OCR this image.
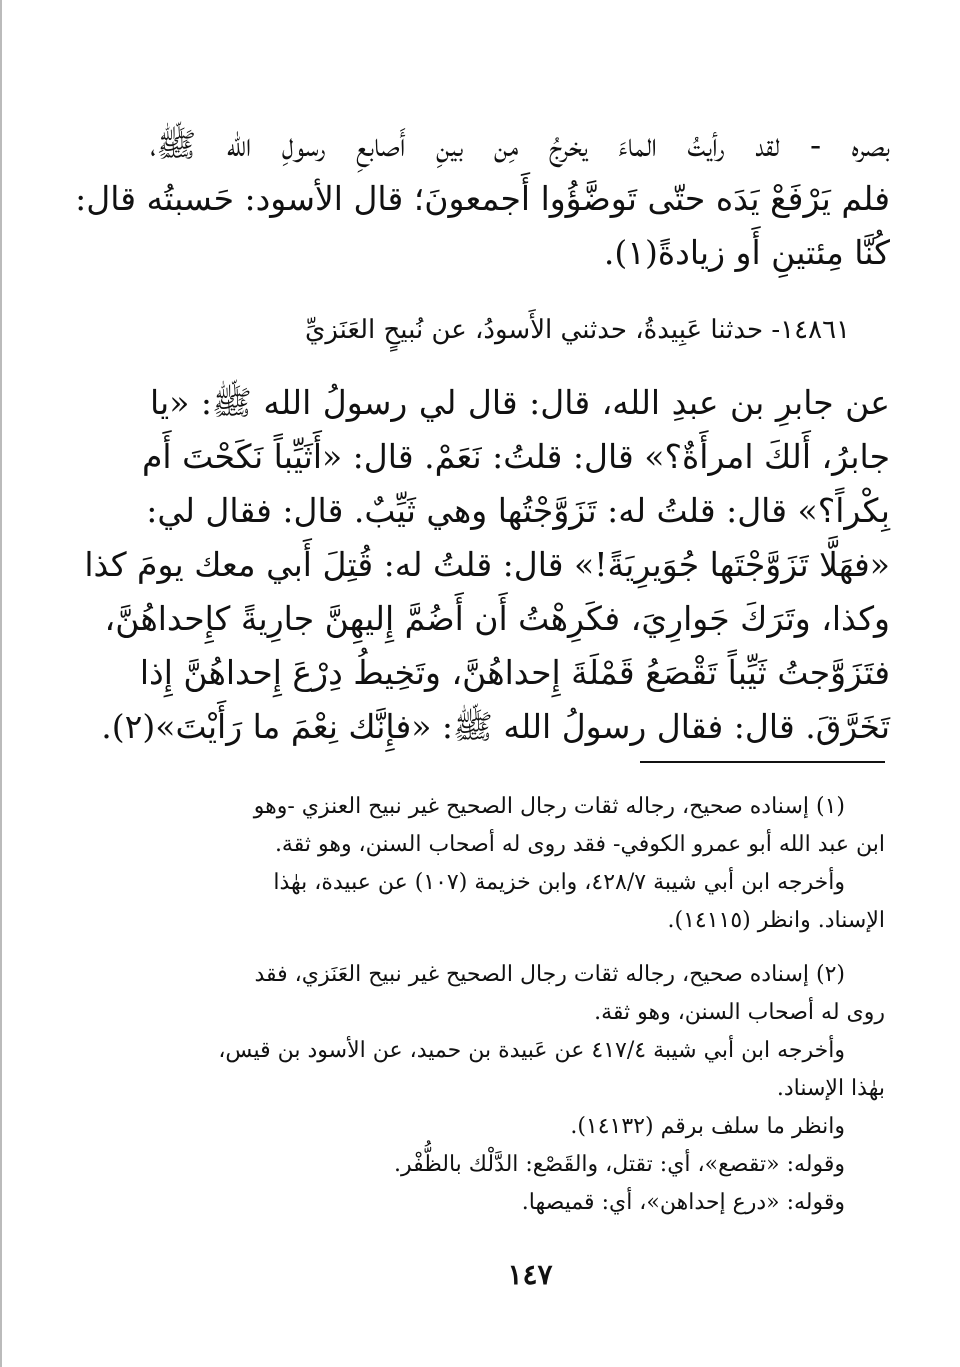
بصره - لقد رأيتُ الماءَ يخرجُ مِن بينِ أَصابعِ رسولِ الله ﷺ،
فلم يَرْفَعْ يَدَه حتّى تَوضَّؤُوا أَجمعونَ؛ قال الأسود: حَسبتُه قال:
كُنَّا مِئتينِ أَو زيادةً(١).
١٤٨٦١- حدثنا عَبِيدةُ، حدثني الأَسودُ، عن نُبيحٍ العَنَزيِّ
عن جابرِ بن عبدِ الله، قال: قال لي رسولُ الله ﷺ: «يا
جابرُ، أَلكَ امرأَةٌ؟» قال: قلتُ: نَعَمْ. قال: «أَثَيِّباً نَكَحْتَ أَم
بِكْراً؟» قال: قلتُ له: تَزَوَّجْتُها وهي ثَيِّبٌ. قال: فقال لي:
«فهَلَّا تَزَوَّجْتَها جُوَيرِيَةً!» قال: قلتُ له: قُتِلَ أَبي معك يومَ كذا
وكذا، وتَرَكَ جَوارِيَ، فكَرِهْتُ أَن أَضُمَّ إِليهِنَّ جارِيةً كإِحداهُنَّ،
فتَزَوَّجتُ ثَيِّباً تَقْصَعُ قَمْلَةَ إِحداهُنَّ، وتَخِيطُ دِرْعَ إِحداهُنَّ إِذا
تَخَرَّقَ. قال: فقال رسولُ الله ﷺ: «فإِنَّك نِعْمَ ما رَأَيْتَ»(٢).
(١) إسناده صحيح، رجاله ثقات رجال الصحيح غير نبيح العنزي -وهو
ابن عبد الله أبو عمرو الكوفي- فقد روى له أصحاب السنن، وهو ثقة.
وأخرجه ابن أبي شيبة ٤٢٨/٧، وابن خزيمة (١٠٧) عن عبيدة، بهٰذا
الإسناد. وانظر (١٤١١٥).
(٢) إسناده صحيح، رجاله ثقات رجال الصحيح غير نبيح العَنَزي، فقد
روى له أصحاب السنن، وهو ثقة.
وأخرجه ابن أبي شيبة ٤١٧/٤ عن عَبيدة بن حميد، عن الأسود بن قيس،
بهٰذا الإسناد.
وانظر ما سلف برقم (١٤١٣٢).
وقوله: «تقصع»، أي: تقتل، والقَصْع: الدَّلْك بالظُّفْر.
وقوله: «درع إحداهن»، أي: قميصها.
١٤٧
